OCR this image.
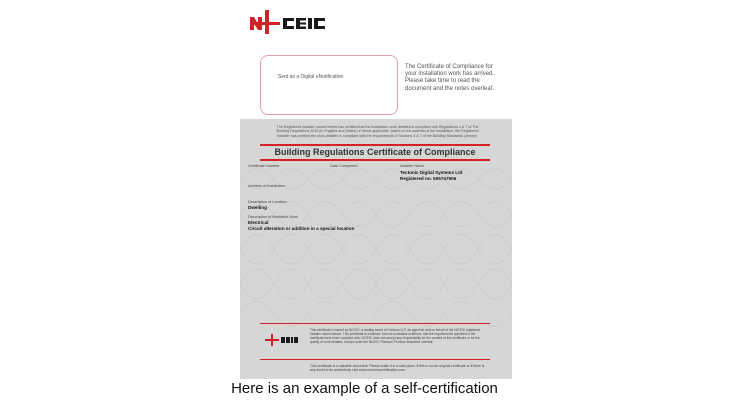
Sent as a Digital eNotification
The Certificate of Compliance for your installation work has arrived. Please take time to read the document and the notes overleaf.
The Registered Installer named below has certified that the installation work detailed is compliant with Regulations 4 & 7 of The Building Regulations 2010 (in England and Wales) or where applicable, based on the address of the installation, the Registered Installer has certified the work detailed is compliant with the requirements of Sections 5 & 7 of the Building Standards (Jersey).
Building Regulations Certificate of Compliance
Certificate Number	Date Completed	Installer Name
Tectonic Digital Systems Ltd
Registered no. 605747906
Address of Installation
Description of Location
Dwelling
Description of Notifiable Work
Electrical
Circuit alteration or addition in a special location
This certificate is issued by NICEIC, a trading brand of Certsure LLP, as agent for and on behalf of the NICEIC registered installer named above. This certificate is evidence, but not conclusive evidence, that the requirements specified in the certificate have been complied with. NICEIC does not accept any responsibility for the content of this certificate or for the quality of work detailed, except under the NICEIC Platinum Promise described overleaf.
This certificate is a valuable document. Please retain it in a safe place. If this is not an original certificate or if there is any doubt to its authenticity visit www.checkmycertification.com
Here is an example of a self-certification
